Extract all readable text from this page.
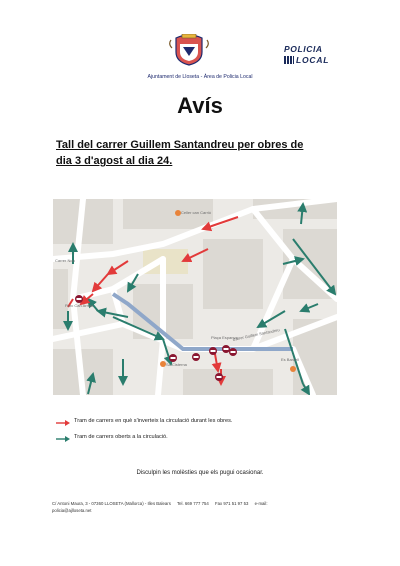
POLICIA
LOCAL
Ajuntament de Lloseta - Àrea de Policia Local
Avís
Tall del carrer Guillem Santandreu per obres de
dia 3 d'agost al dia 24.
Celler can Carrió
Parc Can Arnau
Plaça Espanya
Sa Cisterna
Es Barcell
Carrer Nou
Carrer Guillem Santandreu
Tram de carrers en què s'inverteix la circulació durant les obres.
Tram de carrers oberts a la circulació.
Disculpin les molèsties que els pugui ocasionar.
C/ Antoni Maura, 3 - 07360 LLOSETA (Mallorca) - Illes Balears Tel. 669 777 754 Fax 971 51 97 53 e-mail:
policia@ajlloseta.net
